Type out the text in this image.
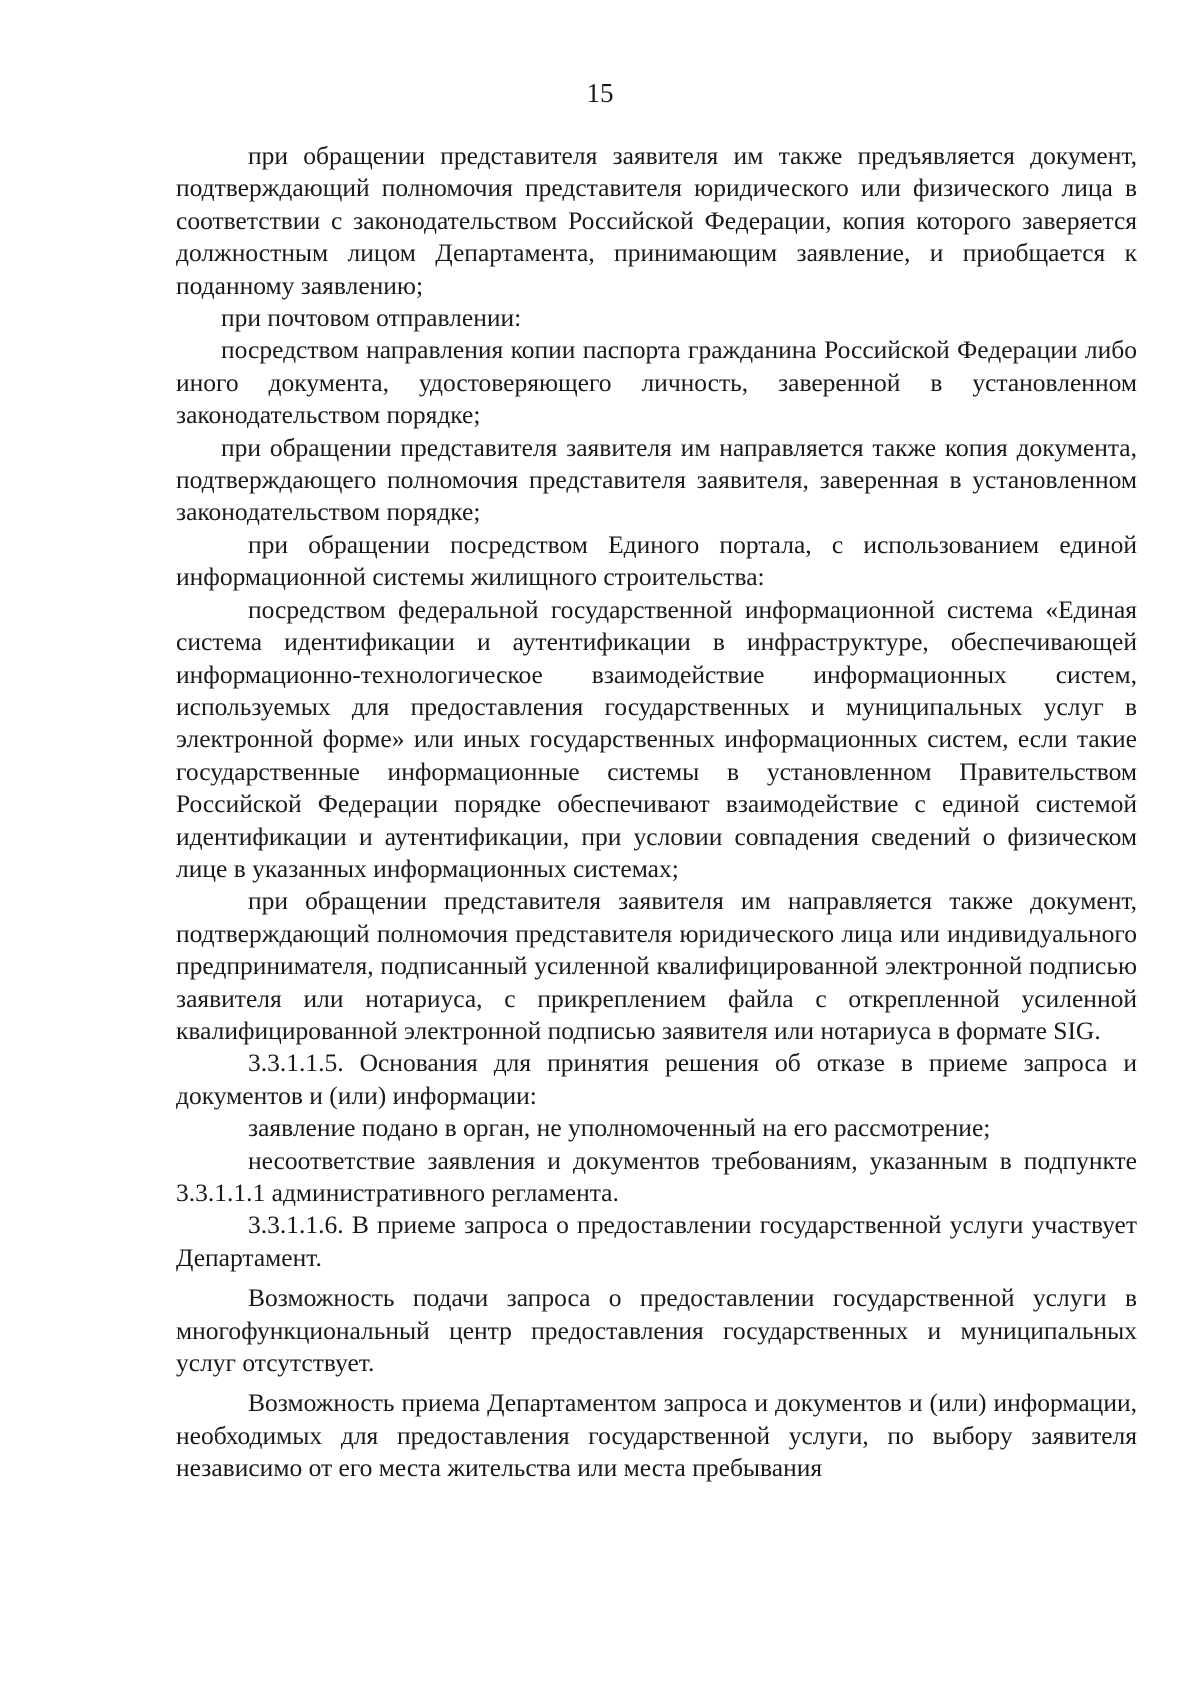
15

при обращении представителя заявителя им также предъявляется документ, подтверждающий полномочия представителя юридического или физического лица в соответствии с законодательством Российской Федерации, копия которого заверяется должностным лицом Департамента, принимающим заявление, и приобщается к поданному заявлению;

при почтовом отправлении:

посредством направления копии паспорта гражданина Российской Федерации либо иного документа, удостоверяющего личность, заверенной в установленном законодательством порядке;

при обращении представителя заявителя им направляется также копия документа, подтверждающего полномочия представителя заявителя, заверенная в установленном законодательством порядке;

при обращении посредством Единого портала, с использованием единой информационной системы жилищного строительства:

посредством федеральной государственной информационной система «Единая система идентификации и аутентификации в инфраструктуре, обеспечивающей информационно-технологическое взаимодействие информационных систем, используемых для предоставления государственных и муниципальных услуг в электронной форме» или иных государственных информационных систем, если такие государственные информационные системы в установленном Правительством Российской Федерации порядке обеспечивают взаимодействие с единой системой идентификации и аутентификации, при условии совпадения сведений о физическом лице в указанных информационных системах;

при обращении представителя заявителя им направляется также документ, подтверждающий полномочия представителя юридического лица или индивидуального предпринимателя, подписанный усиленной квалифицированной электронной подписью заявителя или нотариуса, с прикреплением файла с открепленной усиленной квалифицированной электронной подписью заявителя или нотариуса в формате SIG.

3.3.1.1.5. Основания для принятия решения об отказе в приеме запроса и документов и (или) информации:

заявление подано в орган, не уполномоченный на его рассмотрение;

несоответствие заявления и документов требованиям, указанным в подпункте 3.3.1.1.1 административного регламента.

3.3.1.1.6. В приеме запроса о предоставлении государственной услуги участвует Департамент.

Возможность подачи запроса о предоставлении государственной услуги в многофункциональный центр предоставления государственных и муниципальных услуг отсутствует.

Возможность приема Департаментом запроса и документов и (или) информации, необходимых для предоставления государственной услуги, по выбору заявителя независимо от его места жительства или места пребывания
